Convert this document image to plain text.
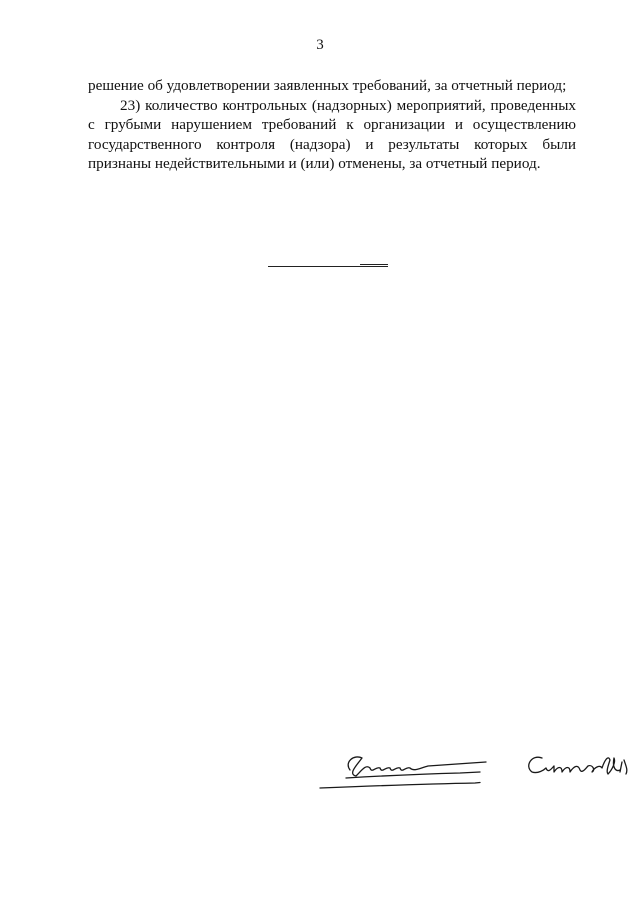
3

решение об удовлетворении заявленных требований, за отчетный период;

23) количество контрольных (надзорных) мероприятий, проведенных с грубыми нарушением требований к организации и осуществлению государственного контроля (надзора) и результаты которых были признаны недействительными и (или) отменены, за отчетный период.
